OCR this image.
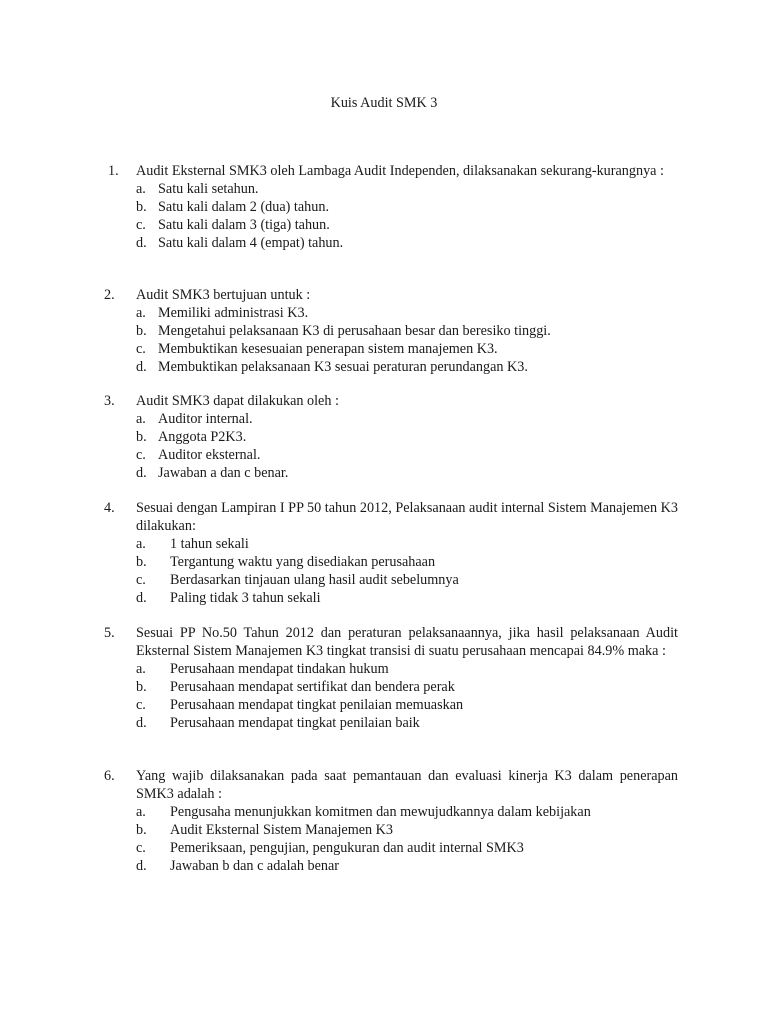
Kuis Audit SMK 3
1.	Audit Eksternal SMK3 oleh Lambaga Audit Independen, dilaksanakan sekurang-kurangnya :
a. Satu kali setahun.
b. Satu kali dalam 2 (dua) tahun.
c. Satu kali dalam 3 (tiga) tahun.
d. Satu kali dalam 4 (empat) tahun.
2.	Audit SMK3 bertujuan untuk :
a. Memiliki administrasi K3.
b. Mengetahui pelaksanaan K3 di perusahaan besar dan beresiko tinggi.
c. Membuktikan kesesuaian penerapan sistem manajemen K3.
d. Membuktikan pelaksanaan K3 sesuai peraturan perundangan K3.
3.	Audit SMK3 dapat dilakukan oleh :
a. Auditor internal.
b. Anggota P2K3.
c. Auditor eksternal.
d. Jawaban a dan c benar.
4.	Sesuai dengan Lampiran I PP 50 tahun 2012, Pelaksanaan audit internal Sistem Manajemen K3 dilakukan:
a.	1 tahun sekali
b.	Tergantung waktu yang disediakan perusahaan
c.	Berdasarkan tinjauan ulang hasil audit sebelumnya
d.	Paling tidak 3 tahun sekali
5.	Sesuai PP No.50 Tahun 2012 dan peraturan pelaksanaannya, jika hasil pelaksanaan Audit Eksternal Sistem Manajemen K3 tingkat transisi di suatu perusahaan mencapai 84.9% maka :
a.	Perusahaan mendapat tindakan hukum
b.	Perusahaan mendapat sertifikat dan bendera perak
c.	Perusahaan mendapat tingkat penilaian memuaskan
d.	Perusahaan mendapat tingkat penilaian baik
6.	Yang wajib dilaksanakan pada saat pemantauan dan evaluasi kinerja K3 dalam penerapan SMK3 adalah :
a.	Pengusaha menunjukkan komitmen dan mewujudkannya dalam kebijakan
b.	Audit Eksternal Sistem Manajemen K3
c.	Pemeriksaan, pengujian, pengukuran dan audit internal SMK3
d.	Jawaban b dan c adalah benar
